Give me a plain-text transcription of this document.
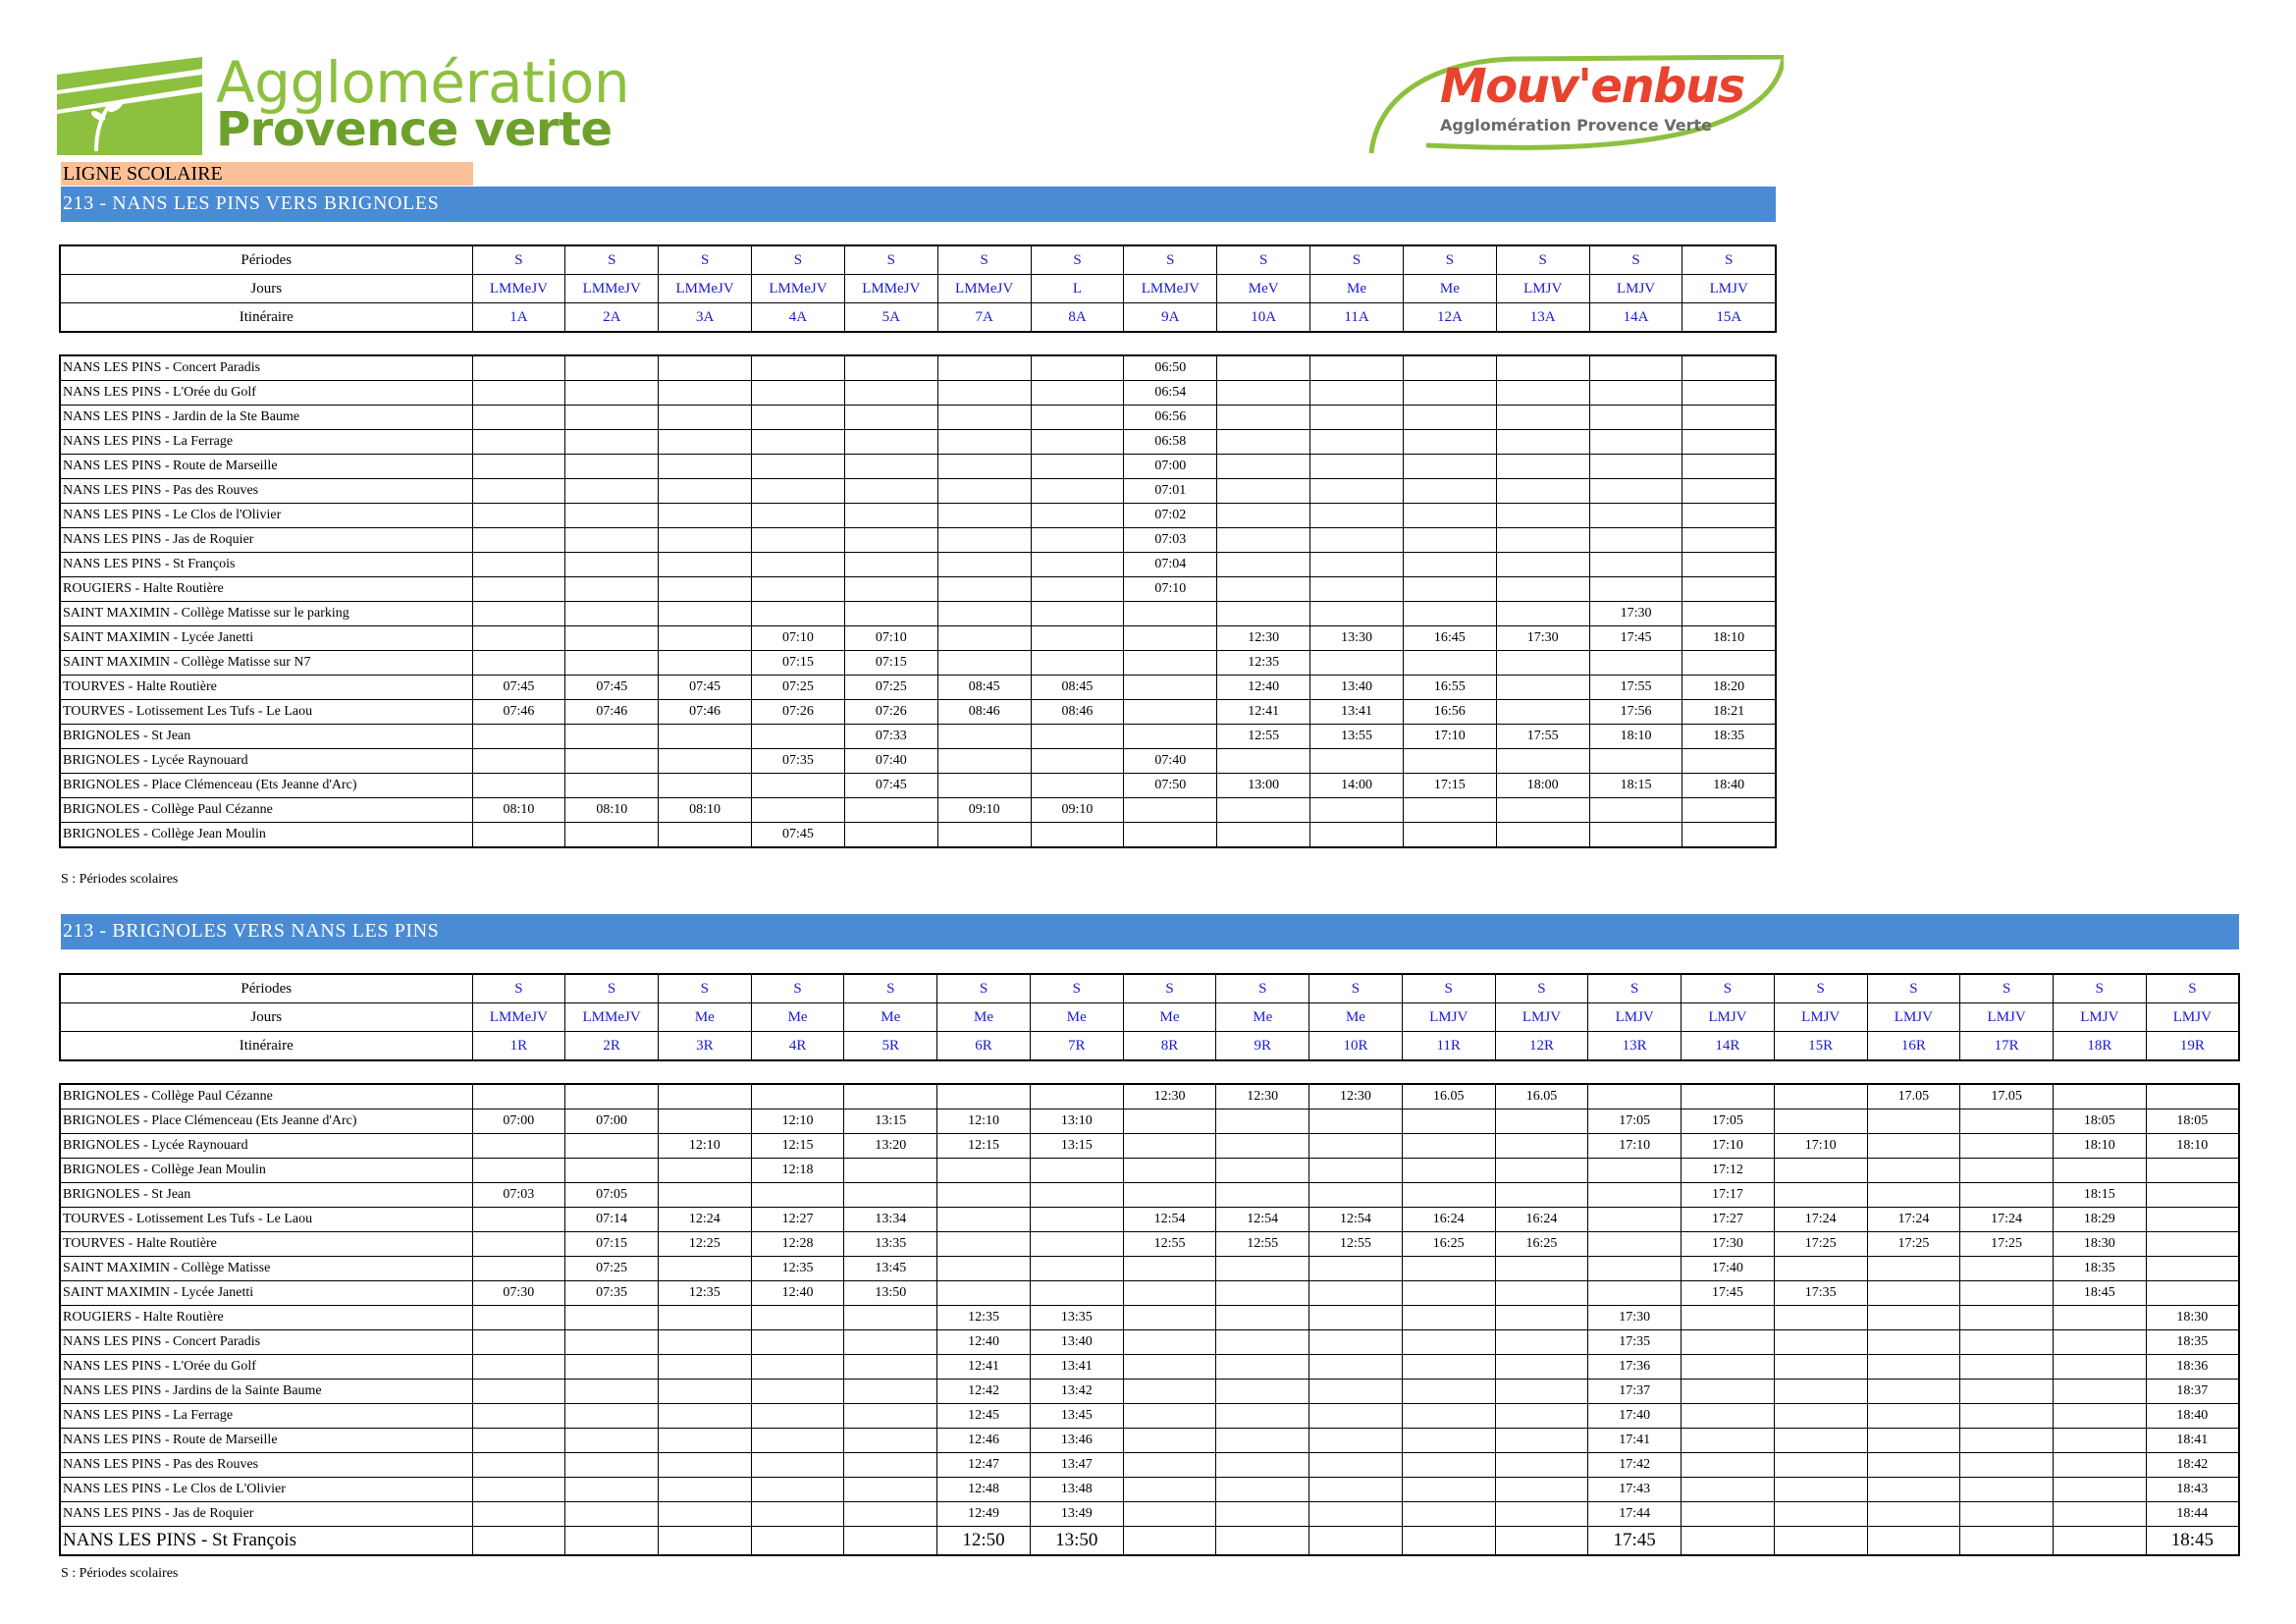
Agglomération
Provence verte
Mouv'enbus
Agglomération Provence Verte
LIGNE SCOLAIRE
213 - NANS LES PINS VERS BRIGNOLES
213 - BRIGNOLES VERS NANS LES PINS
Périodes	S	S	S	S	S	S	S	S	S	S	S	S	S	S
Jours	LMMeJV	LMMeJV	LMMeJV	LMMeJV	LMMeJV	LMMeJV	L	LMMeJV	MeV	Me	Me	LMJV	LMJV	LMJV
Itinéraire	1A	2A	3A	4A	5A	7A	8A	9A	10A	11A	12A	13A	14A	15A
NANS LES PINS - Concert Paradis								06:50						
NANS LES PINS - L'Orée du Golf								06:54						
NANS LES PINS - Jardin de la Ste Baume								06:56						
NANS LES PINS - La Ferrage								06:58						
NANS LES PINS - Route de Marseille								07:00						
NANS LES PINS - Pas des Rouves								07:01						
NANS LES PINS - Le Clos de l'Olivier								07:02						
NANS LES PINS - Jas de Roquier								07:03						
NANS LES PINS - St François								07:04						
ROUGIERS - Halte Routière								07:10						
SAINT MAXIMIN - Collège Matisse sur le parking													17:30	
SAINT MAXIMIN - Lycée Janetti				07:10	07:10				12:30	13:30	16:45	17:30	17:45	18:10
SAINT MAXIMIN - Collège Matisse sur N7				07:15	07:15				12:35					
TOURVES - Halte Routière	07:45	07:45	07:45	07:25	07:25	08:45	08:45		12:40	13:40	16:55		17:55	18:20
TOURVES - Lotissement Les Tufs - Le Laou	07:46	07:46	07:46	07:26	07:26	08:46	08:46		12:41	13:41	16:56		17:56	18:21
BRIGNOLES - St Jean					07:33				12:55	13:55	17:10	17:55	18:10	18:35
BRIGNOLES - Lycée Raynouard				07:35	07:40			07:40						
BRIGNOLES - Place Clémenceau (Ets Jeanne d'Arc)					07:45			07:50	13:00	14:00	17:15	18:00	18:15	18:40
BRIGNOLES - Collège Paul Cézanne	08:10	08:10	08:10			09:10	09:10							
BRIGNOLES - Collège Jean Moulin				07:45										
S : Périodes scolaires
Périodes	S	S	S	S	S	S	S	S	S	S	S	S	S	S	S	S	S	S	S
Jours	LMMeJV	LMMeJV	Me	Me	Me	Me	Me	Me	Me	Me	LMJV	LMJV	LMJV	LMJV	LMJV	LMJV	LMJV	LMJV	LMJV
Itinéraire	1R	2R	3R	4R	5R	6R	7R	8R	9R	10R	11R	12R	13R	14R	15R	16R	17R	18R	19R
BRIGNOLES - Collège Paul Cézanne								12:30	12:30	12:30	16.05	16.05				17.05	17.05		
BRIGNOLES - Place Clémenceau (Ets Jeanne d'Arc)	07:00	07:00		12:10	13:15	12:10	13:10						17:05	17:05				18:05	18:05
BRIGNOLES - Lycée Raynouard			12:10	12:15	13:20	12:15	13:15						17:10	17:10	17:10			18:10	18:10
BRIGNOLES - Collège Jean Moulin				12:18										17:12					
BRIGNOLES - St Jean	07:03	07:05												17:17				18:15	
TOURVES - Lotissement Les Tufs - Le Laou		07:14	12:24	12:27	13:34			12:54	12:54	12:54	16:24	16:24		17:27	17:24	17:24	17:24	18:29	
TOURVES - Halte Routière		07:15	12:25	12:28	13:35			12:55	12:55	12:55	16:25	16:25		17:30	17:25	17:25	17:25	18:30	
SAINT MAXIMIN - Collège Matisse		07:25		12:35	13:45									17:40				18:35	
SAINT MAXIMIN - Lycée Janetti	07:30	07:35	12:35	12:40	13:50									17:45	17:35			18:45	
ROUGIERS - Halte Routière						12:35	13:35						17:30						18:30
NANS LES PINS - Concert Paradis						12:40	13:40						17:35						18:35
NANS LES PINS - L'Orée du Golf						12:41	13:41						17:36						18:36
NANS LES PINS - Jardins de la Sainte Baume						12:42	13:42						17:37						18:37
NANS LES PINS - La Ferrage						12:45	13:45						17:40						18:40
NANS LES PINS - Route de Marseille						12:46	13:46						17:41						18:41
NANS LES PINS - Pas des Rouves						12:47	13:47						17:42						18:42
NANS LES PINS - Le Clos de L'Olivier						12:48	13:48						17:43						18:43
NANS LES PINS - Jas de Roquier						12:49	13:49						17:44						18:44
NANS LES PINS - St François						12:50	13:50						17:45						18:45
S : Périodes scolaires
